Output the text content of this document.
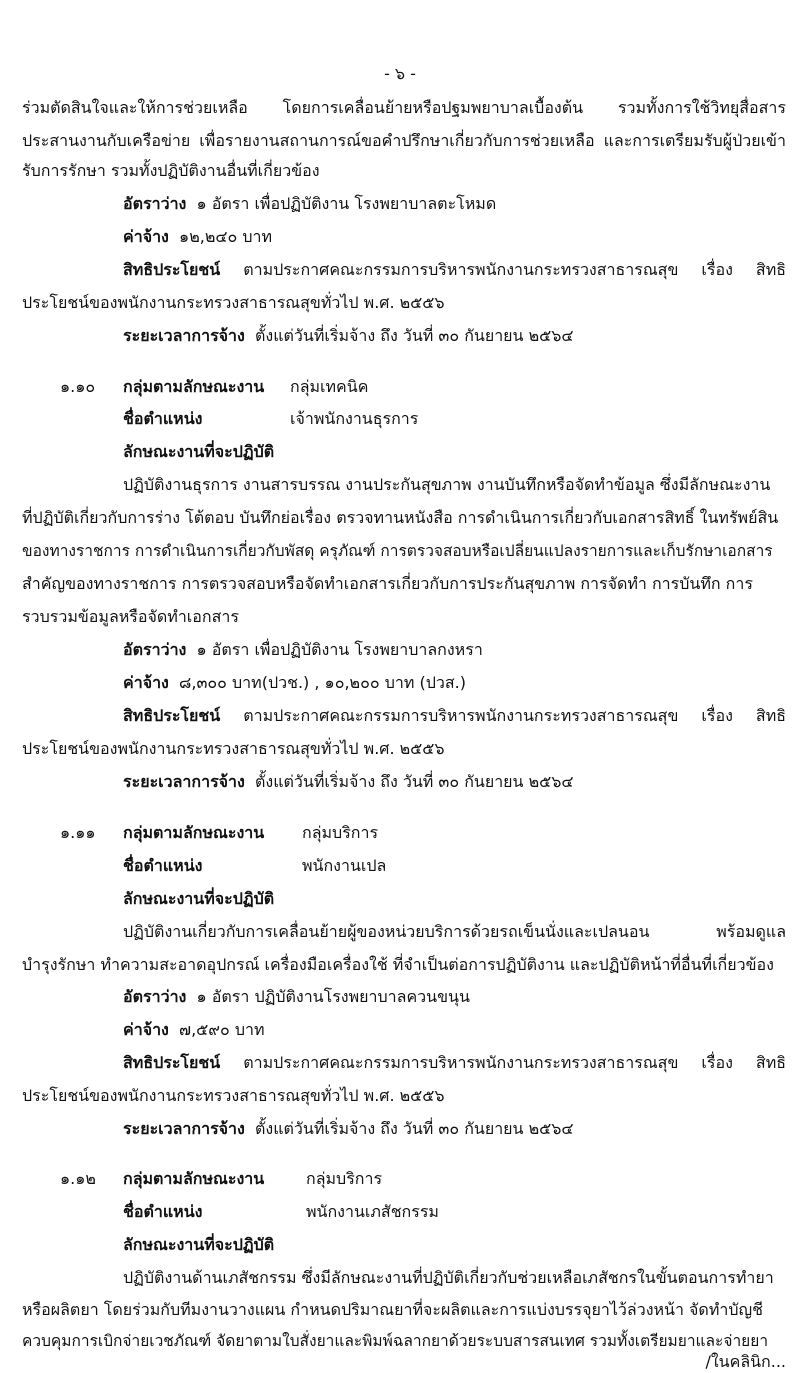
- ๖ -
ร่วมตัดสินใจและให้การช่วยเหลือ โดยการเคลื่อนย้ายหรือปฐมพยาบาลเบื้องต้น รวมทั้งการใช้วิทยุสื่อสาร
ประสานงานกับเครือข่าย เพื่อรายงานสถานการณ์ขอคำปรึกษาเกี่ยวกับการช่วยเหลือ และการเตรียมรับผู้ป่วยเข้า
รับการรักษา รวมทั้งปฏิบัติงานอื่นที่เกี่ยวข้อง
อัตราว่าง ๑ อัตรา เพื่อปฏิบัติงาน โรงพยาบาลตะโหมด
ค่าจ้าง ๑๒,๒๔๐ บาท
สิทธิประโยชน์ ตามประกาศคณะกรรมการบริหารพนักงานกระทรวงสาธารณสุข เรื่อง สิทธิ
ประโยชน์ของพนักงานกระทรวงสาธารณสุขทั่วไป พ.ศ. ๒๕๕๖
ระยะเวลาการจ้าง ตั้งแต่วันที่เริ่มจ้าง ถึง วันที่ ๓๐ กันยายน ๒๕๖๔
๑.๑๐ กลุ่มตามลักษณะงาน กลุ่มเทคนิค
ชื่อตำแหน่ง	เจ้าพนักงานธุรการ
ลักษณะงานที่จะปฏิบัติ
ปฏิบัติงานธุรการ งานสารบรรณ งานประกันสุขภาพ งานบันทึกหรือจัดทำข้อมูล ซึ่งมีลักษณะงาน
ที่ปฏิบัติเกี่ยวกับการร่าง โต้ตอบ บันทึกย่อเรื่อง ตรวจทานหนังสือ การดำเนินการเกี่ยวกับเอกสารสิทธิ์ ในทรัพย์สิน
ของทางราชการ การดำเนินการเกี่ยวกับพัสดุ ครุภัณฑ์ การตรวจสอบหรือเปลี่ยนแปลงรายการและเก็บรักษาเอกสาร
สำคัญของทางราชการ การตรวจสอบหรือจัดทำเอกสารเกี่ยวกับการประกันสุขภาพ การจัดทำ การบันทึก การ
รวบรวมข้อมูลหรือจัดทำเอกสาร
อัตราว่าง ๑ อัตรา เพื่อปฏิบัติงาน โรงพยาบาลกงหรา
ค่าจ้าง ๘,๓๐๐ บาท(ปวช.) , ๑๐,๒๐๐ บาท (ปวส.)
สิทธิประโยชน์ ตามประกาศคณะกรรมการบริหารพนักงานกระทรวงสาธารณสุข เรื่อง สิทธิ
ประโยชน์ของพนักงานกระทรวงสาธารณสุขทั่วไป พ.ศ. ๒๕๕๖
ระยะเวลาการจ้าง ตั้งแต่วันที่เริ่มจ้าง ถึง วันที่ ๓๐ กันยายน ๒๕๖๔
๑.๑๑ กลุ่มตามลักษณะงาน กลุ่มบริการ
ชื่อตำแหน่ง	พนักงานเปล
ลักษณะงานที่จะปฏิบัติ
ปฏิบัติงานเกี่ยวกับการเคลื่อนย้ายผู้ของหน่วยบริการด้วยรถเข็นนั่งและเปลนอน	พร้อมดูแล
บำรุงรักษา ทำความสะอาดอุปกรณ์ เครื่องมือเครื่องใช้ ที่จำเป็นต่อการปฏิบัติงาน และปฏิบัติหน้าที่อื่นที่เกี่ยวข้อง
อัตราว่าง ๑ อัตรา ปฏิบัติงานโรงพยาบาลควนขนุน
ค่าจ้าง ๗,๕๙๐ บาท
สิทธิประโยชน์ ตามประกาศคณะกรรมการบริหารพนักงานกระทรวงสาธารณสุข เรื่อง สิทธิ
ประโยชน์ของพนักงานกระทรวงสาธารณสุขทั่วไป พ.ศ. ๒๕๕๖
ระยะเวลาการจ้าง ตั้งแต่วันที่เริ่มจ้าง ถึง วันที่ ๓๐ กันยายน ๒๕๖๔
๑.๑๒ กลุ่มตามลักษณะงาน	กลุ่มบริการ
ชื่อตำแหน่ง	พนักงานเภสัชกรรม
ลักษณะงานที่จะปฏิบัติ
ปฏิบัติงานด้านเภสัชกรรม ซึ่งมีลักษณะงานที่ปฏิบัติเกี่ยวกับช่วยเหลือเภสัชกรในขั้นตอนการทำยา
หรือผลิตยา โดยร่วมกับทีมงานวางแผน กำหนดปริมาณยาที่จะผลิตและการแบ่งบรรจุยาไว้ล่วงหน้า จัดทำบัญชี
ควบคุมการเบิกจ่ายเวชภัณฑ์ จัดยาตามใบสั่งยาและพิมพ์ฉลากยาด้วยระบบสารสนเทศ รวมทั้งเตรียมยาและจ่ายยา
/ในคลินิก...
